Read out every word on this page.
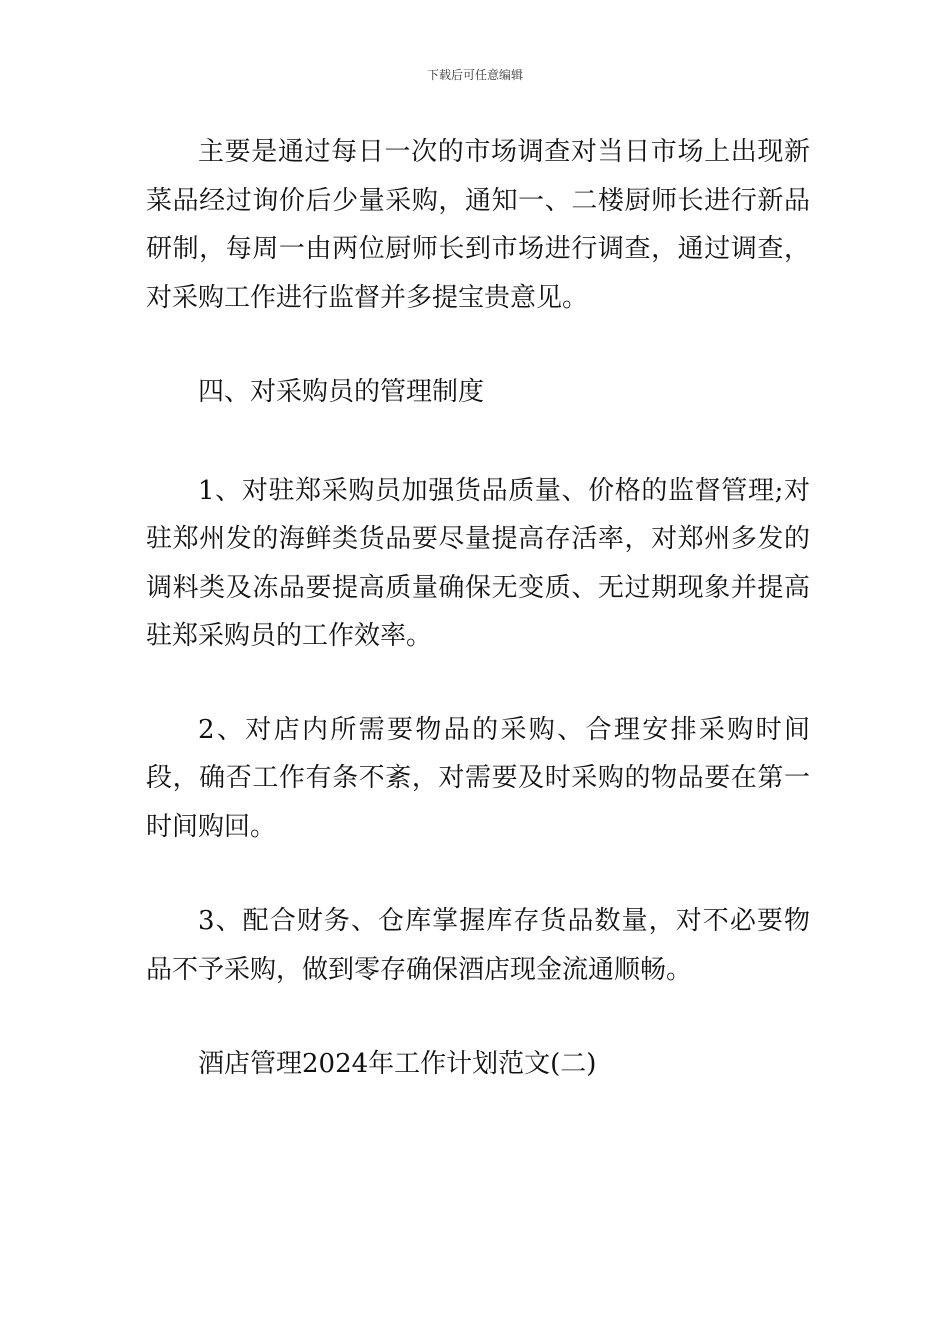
下载后可任意编辑

主要是通过每日一次的市场调查对当日市场上出现新菜品经过询价后少量采购，通知一、二楼厨师长进行新品研制，每周一由两位厨师长到市场进行调查，通过调查，对采购工作进行监督并多提宝贵意见。

四、对采购员的管理制度

1、对驻郑采购员加强货品质量、价格的监督管理;对驻郑州发的海鲜类货品要尽量提高存活率，对郑州多发的调料类及冻品要提高质量确保无变质、无过期现象并提高驻郑采购员的工作效率。

2、对店内所需要物品的采购、合理安排采购时间段，确否工作有条不紊，对需要及时采购的物品要在第一时间购回。

3、配合财务、仓库掌握库存货品数量，对不必要物品不予采购，做到零存确保酒店现金流通顺畅。

酒店管理2024年工作计划范文(二)
